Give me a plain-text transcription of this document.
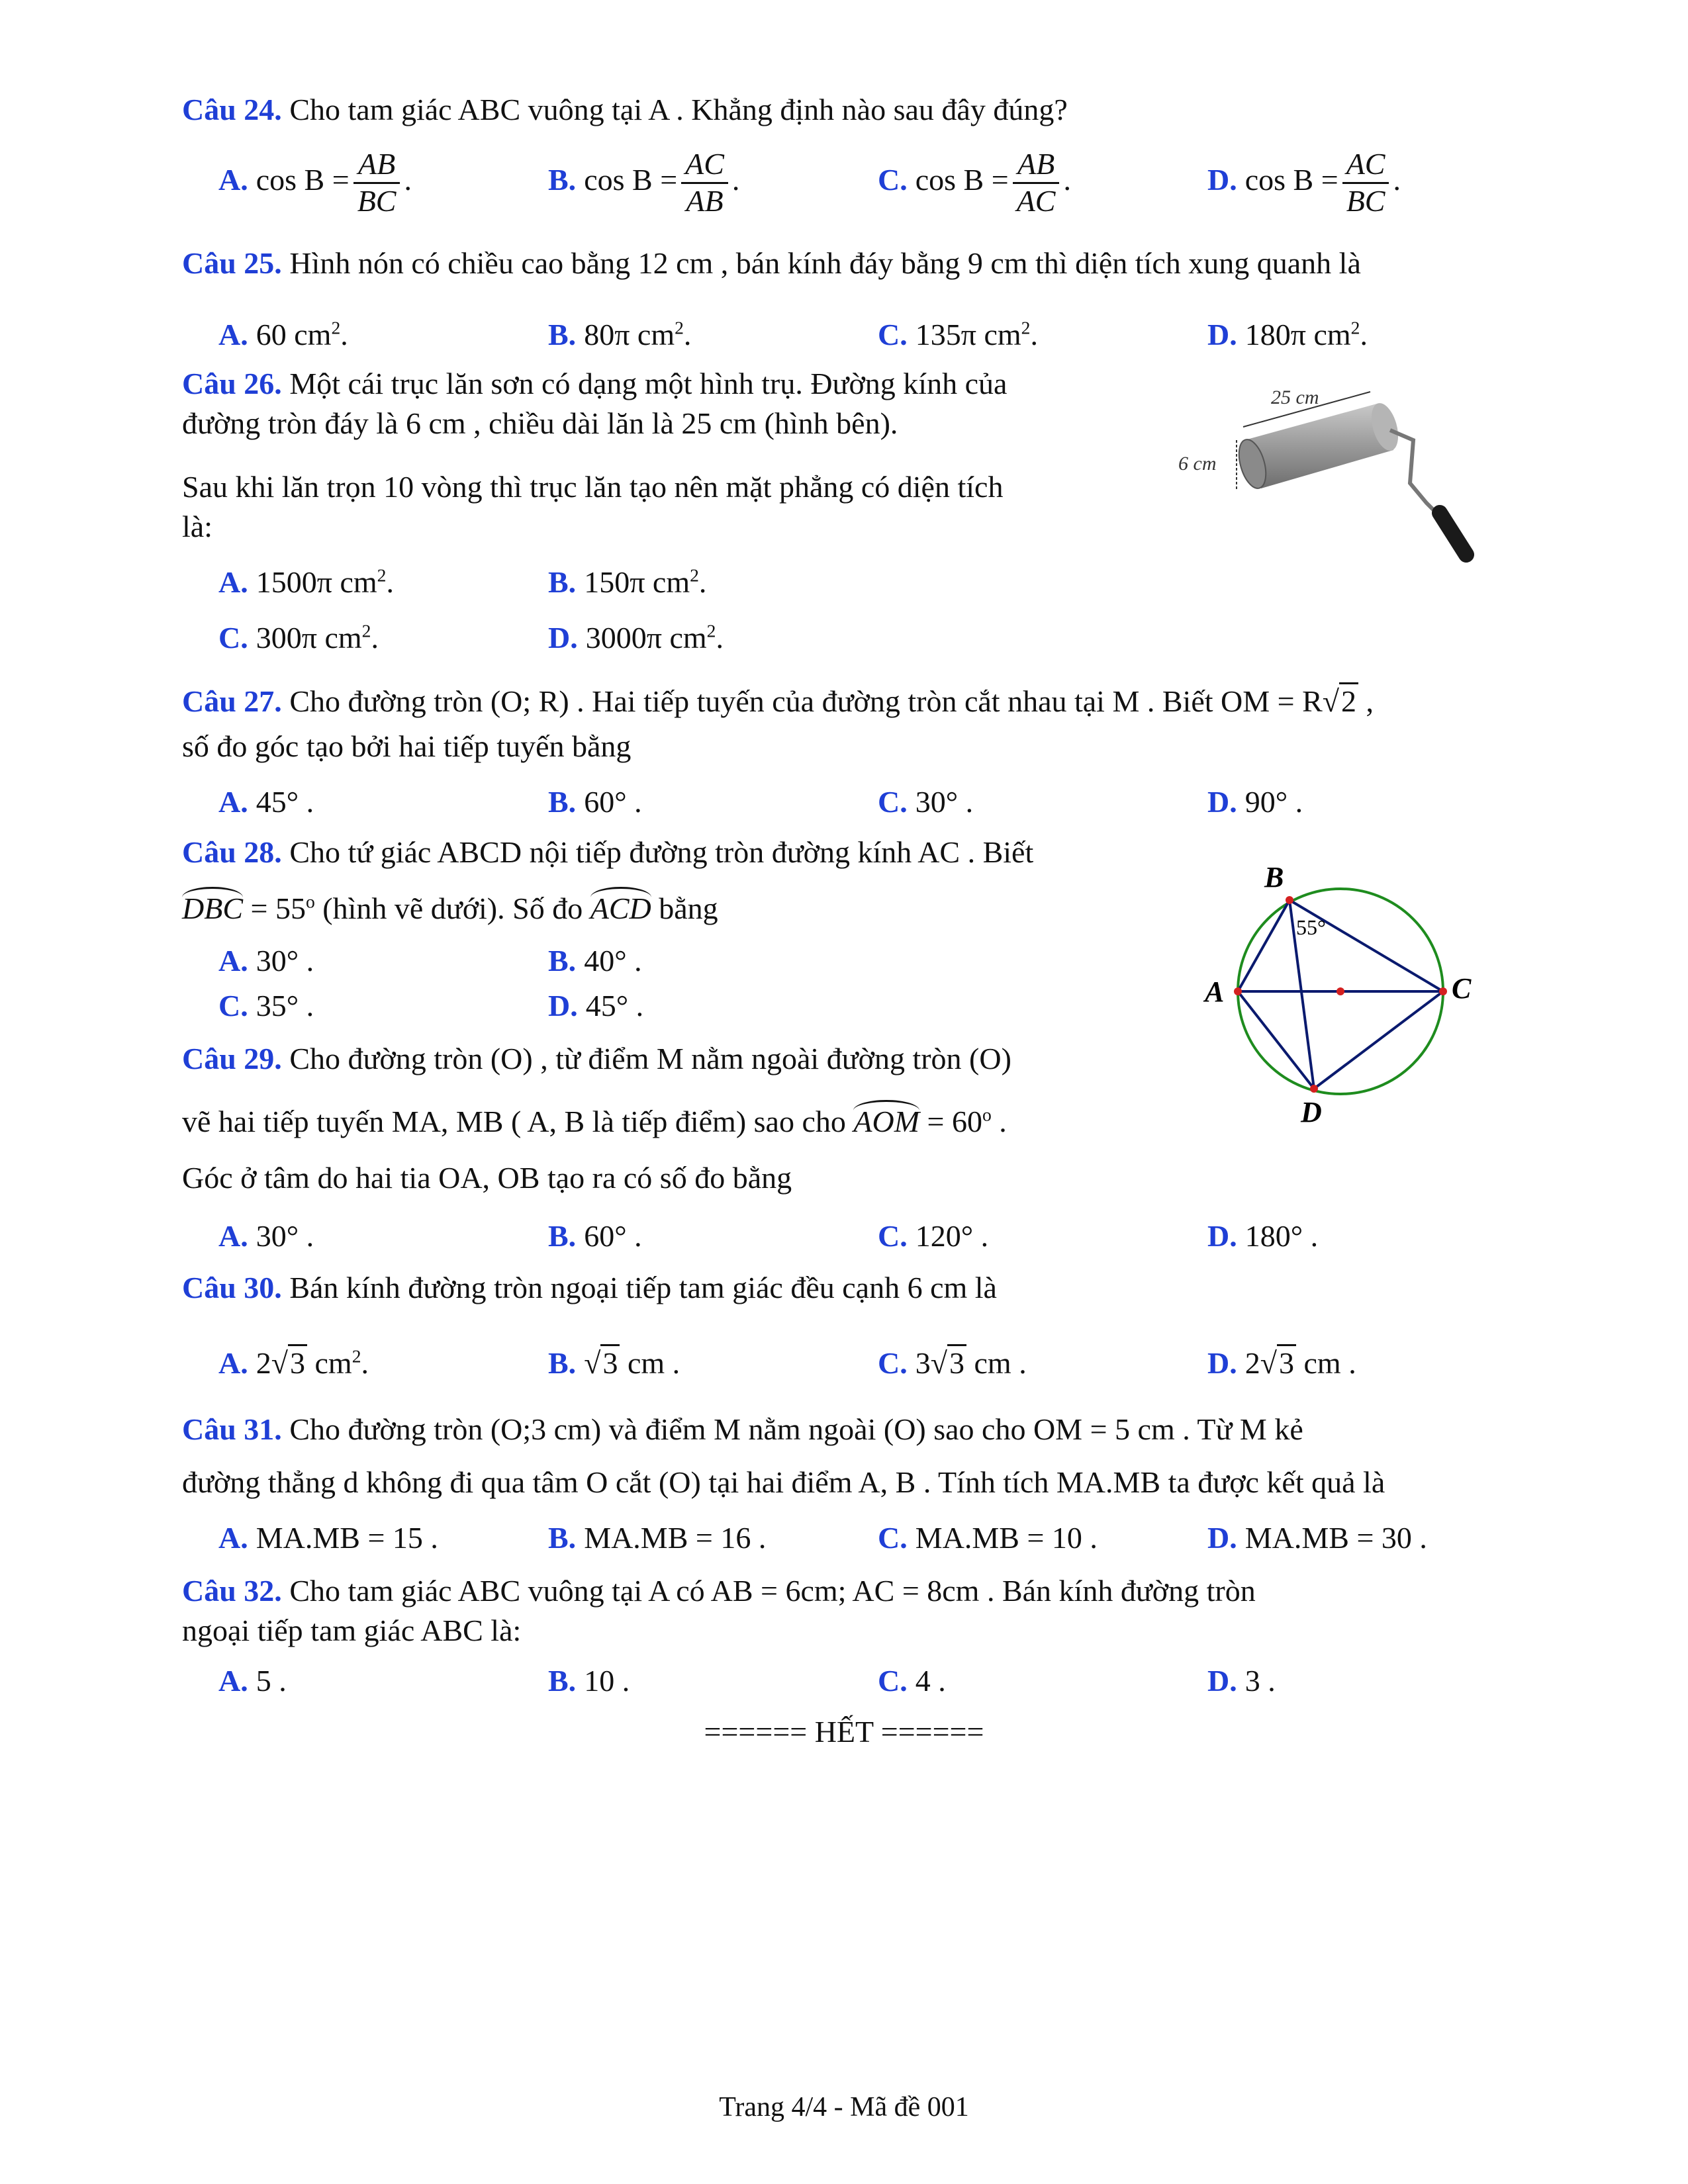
Câu 24. Cho tam giác ABC vuông tại A . Khẳng định nào sau đây đúng?
A. $\cos B = \frac{AB}{BC}$ .	B. $\cos B = \frac{AC}{AB}$ .	C. $\cos B = \frac{AB}{AC}$ .	D. $\cos B = \frac{AC}{BC}$ .
Câu 25. Hình nón có chiều cao bằng 12 cm , bán kính đáy bằng 9 cm thì diện tích xung quanh là
A. 60 $cm^2$.	B. 80π $cm^2$.	C. 135π $cm^2$.	D. 180π $cm^2$.
Câu 26. Một cái trục lăn sơn có dạng một hình trụ. Đường kính của
đường tròn đáy là 6 cm , chiều dài lăn là 25 cm (hình bên).
Sau khi lăn trọn 10 vòng thì trục lăn tạo nên mặt phẳng có diện tích
là:
25 cm
6 cm
A. 1500π $cm^2$.	B. 150π $cm^2$.
C. 300π $cm^2$.	D. 3000π $cm^2$.
Câu 27. Cho đường tròn (O; R) . Hai tiếp tuyến của đường tròn cắt nhau tại M . Biết OM = R√2 ,
số đo góc tạo bởi hai tiếp tuyến bằng
A. 45° .	B. 60° .	C. 30° .	D. 90° .
Câu 28. Cho tứ giác ABCD nội tiếp đường tròn đường kính AC . Biết
DBC = $55^o$ (hình vẽ dưới). Số đo ACD bằng
B
A	C
D
55°
A. 30° .	B. 40° .
C. 35° .	D. 45° .
Câu 29. Cho đường tròn (O) , từ điểm M nằm ngoài đường tròn (O)
vẽ hai tiếp tuyến MA, MB ( A, B là tiếp điểm) sao cho AOM = $60^o$ .
Góc ở tâm do hai tia OA, OB tạo ra có số đo bằng
A. 30° .	B. 60° .	C. 120° .	D. 180° .
Câu 30. Bán kính đường tròn ngoại tiếp tam giác đều cạnh 6 cm là
A. 2√3 $cm^2$.	B. √3 cm .	C. 3√3 cm .	D. 2√3 cm .
Câu 31. Cho đường tròn (O;3 cm) và điểm M nằm ngoài (O) sao cho OM = 5 cm . Từ M kẻ
đường thẳng d không đi qua tâm O cắt (O) tại hai điểm A, B . Tính tích MA.MB ta được kết quả là
A. MA.MB = 15 .	B. MA.MB = 16 .	C. MA.MB = 10 .	D. MA.MB = 30 .
Câu 32. Cho tam giác ABC vuông tại A có AB = 6cm; AC = 8cm . Bán kính đường tròn
ngoại tiếp tam giác ABC là:
A. 5 .	B. 10 .	C. 4 .	D. 3 .
====== HẾT ======
Trang 4/4 - Mã đề 001
